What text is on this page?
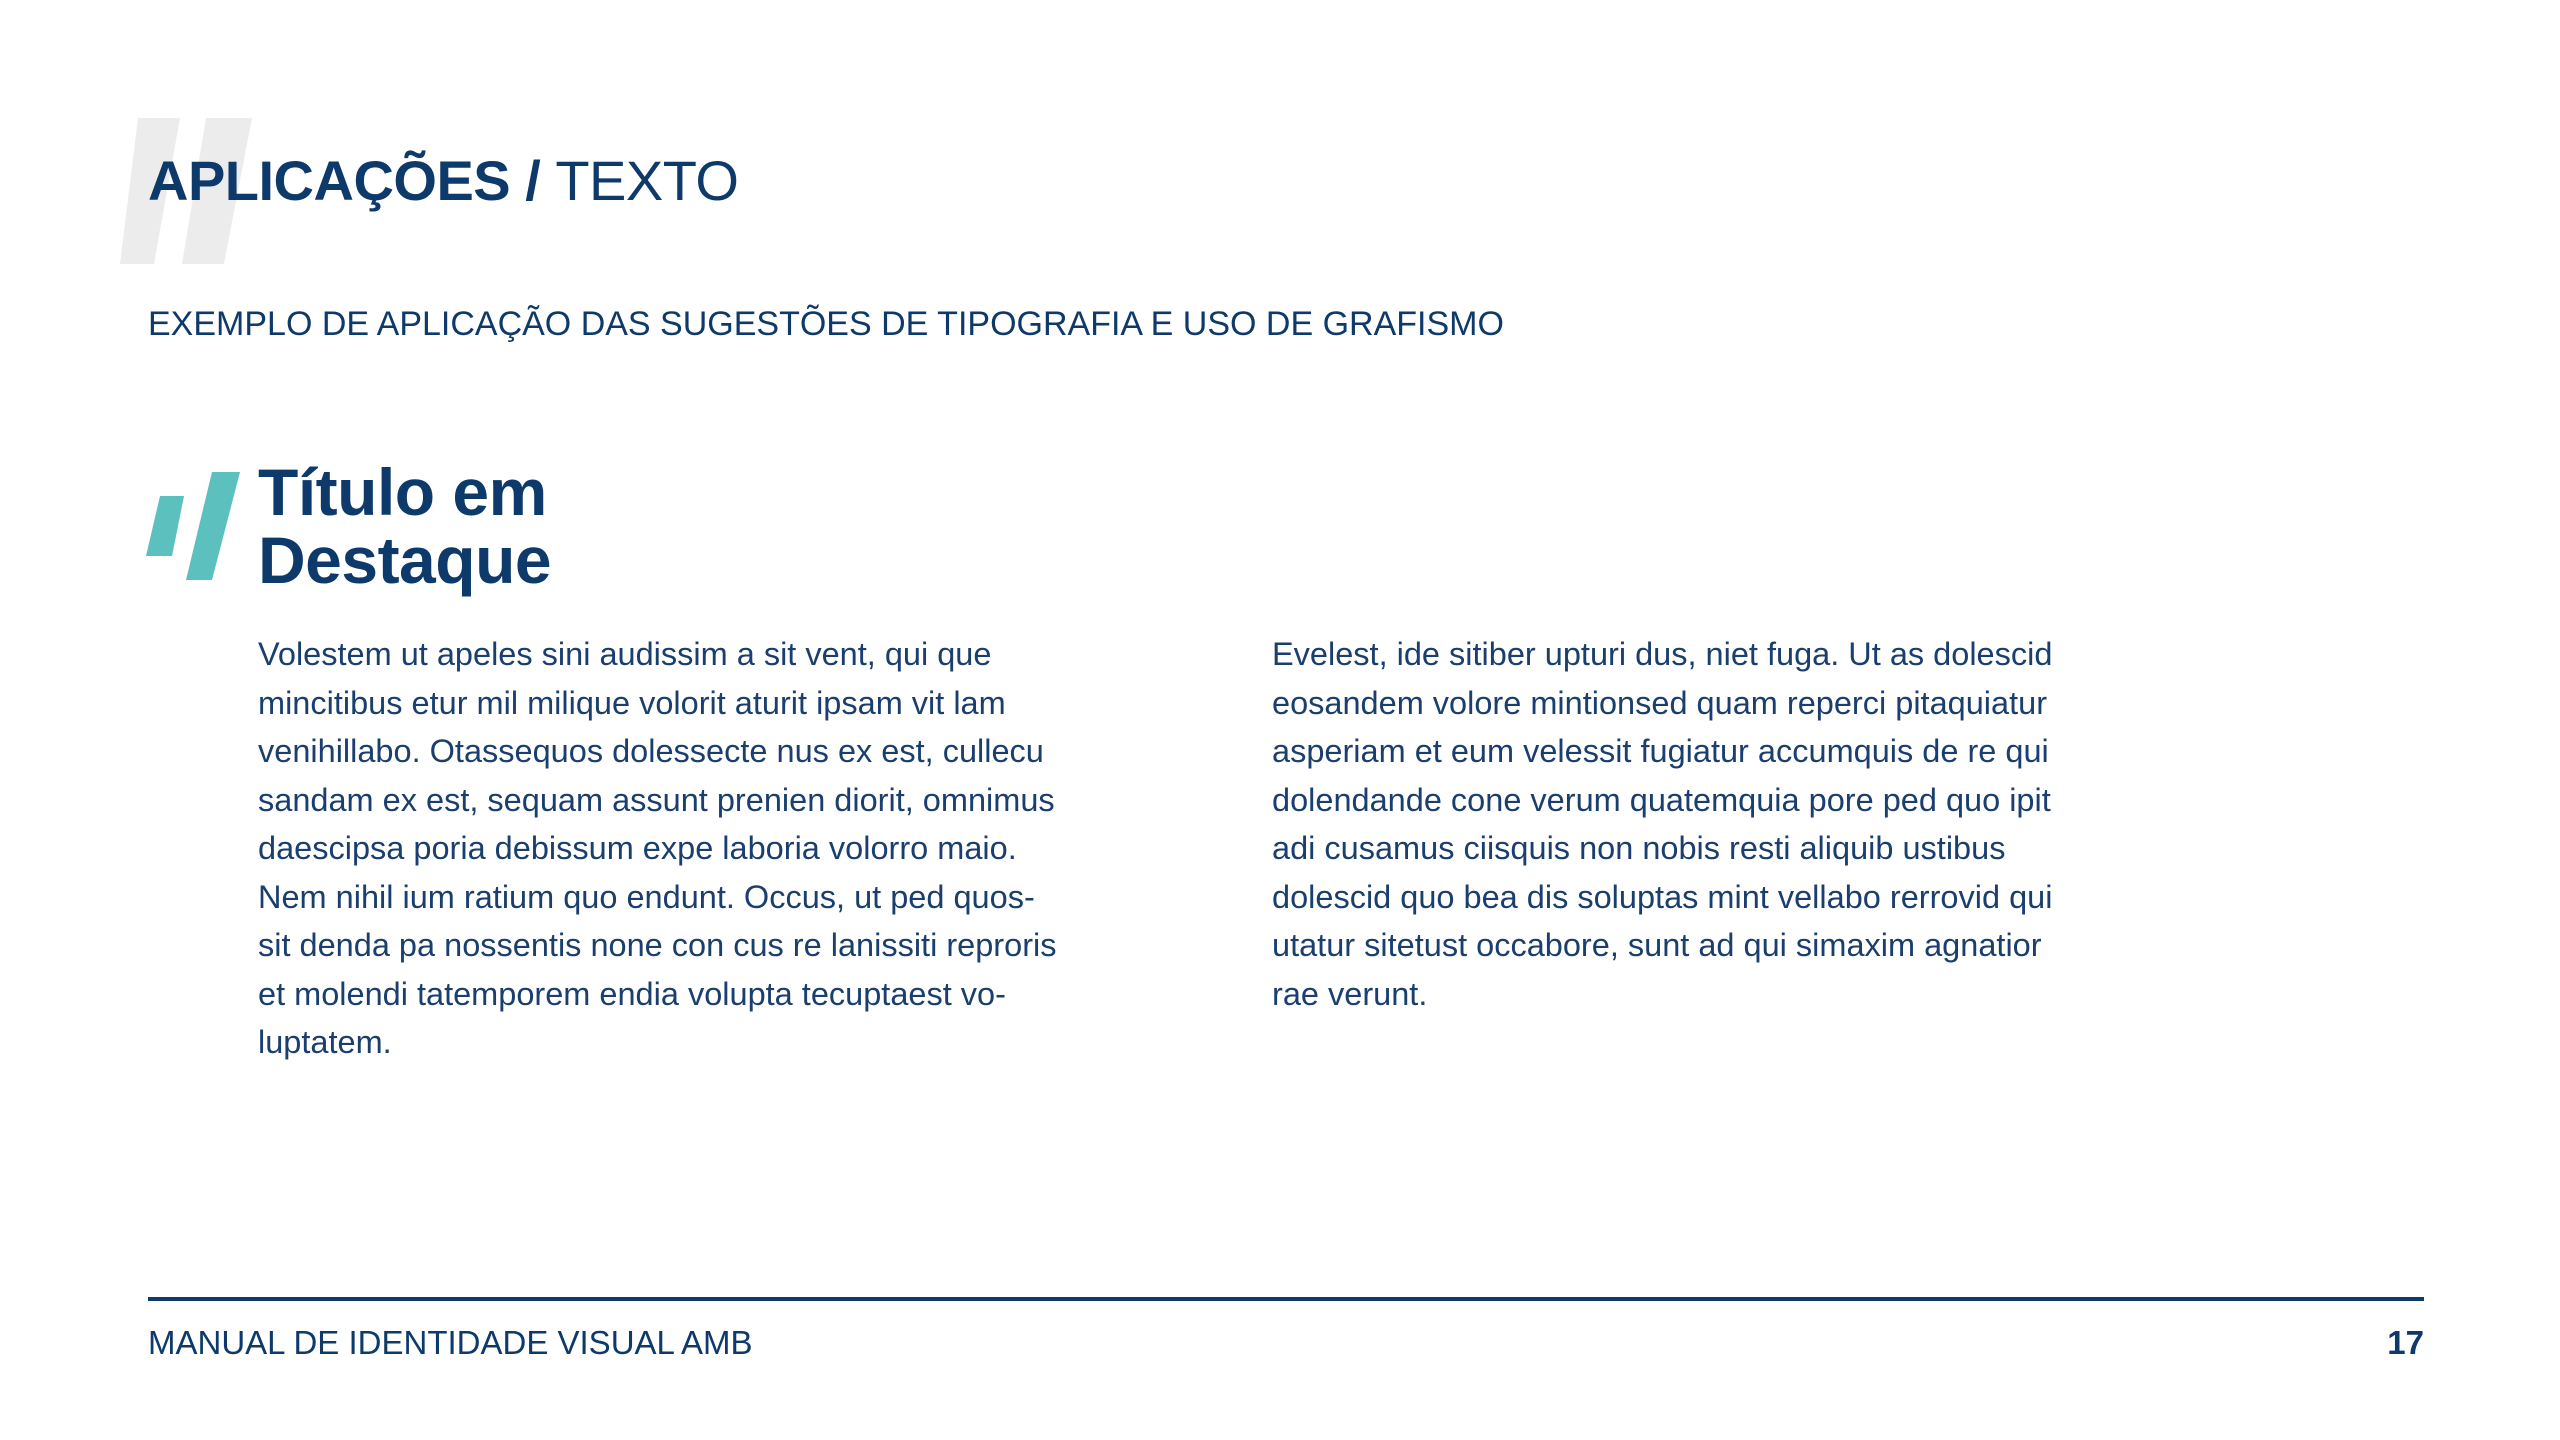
APLICAÇÕES / TEXTO

EXEMPLO DE APLICAÇÃO DAS SUGESTÕES DE TIPOGRAFIA E USO DE GRAFISMO

Título em
Destaque

Volestem ut apeles sini audissim a sit vent, qui que
mincitibus etur mil milique volorit aturit ipsam vit lam
venihillabo. Otassequos dolessecte nus ex est, cullecu
sandam ex est, sequam assunt prenien diorit, omnimus
daescipsa poria debissum expe laboria volorro maio.
Nem nihil ium ratium quo endunt. Occus, ut ped quos-
sit denda pa nossentis none con cus re lanissiti reproris
et molendi tatemporem endia volupta tecuptaest vo-
luptatem.

Evelest, ide sitiber upturi dus, niet fuga. Ut as dolescid
eosandem volore mintionsed quam reperci pitaquiatur
asperiam et eum velessit fugiatur accumquis de re qui
dolendande cone verum quatemquia pore ped quo ipit
adi cusamus ciisquis non nobis resti aliquib ustibus
dolescid quo bea dis soluptas mint vellabo rerrovid qui
utatur sitetust occabore, sunt ad qui simaxim agnatior
rae verunt.

MANUAL DE IDENTIDADE VISUAL AMB	17
